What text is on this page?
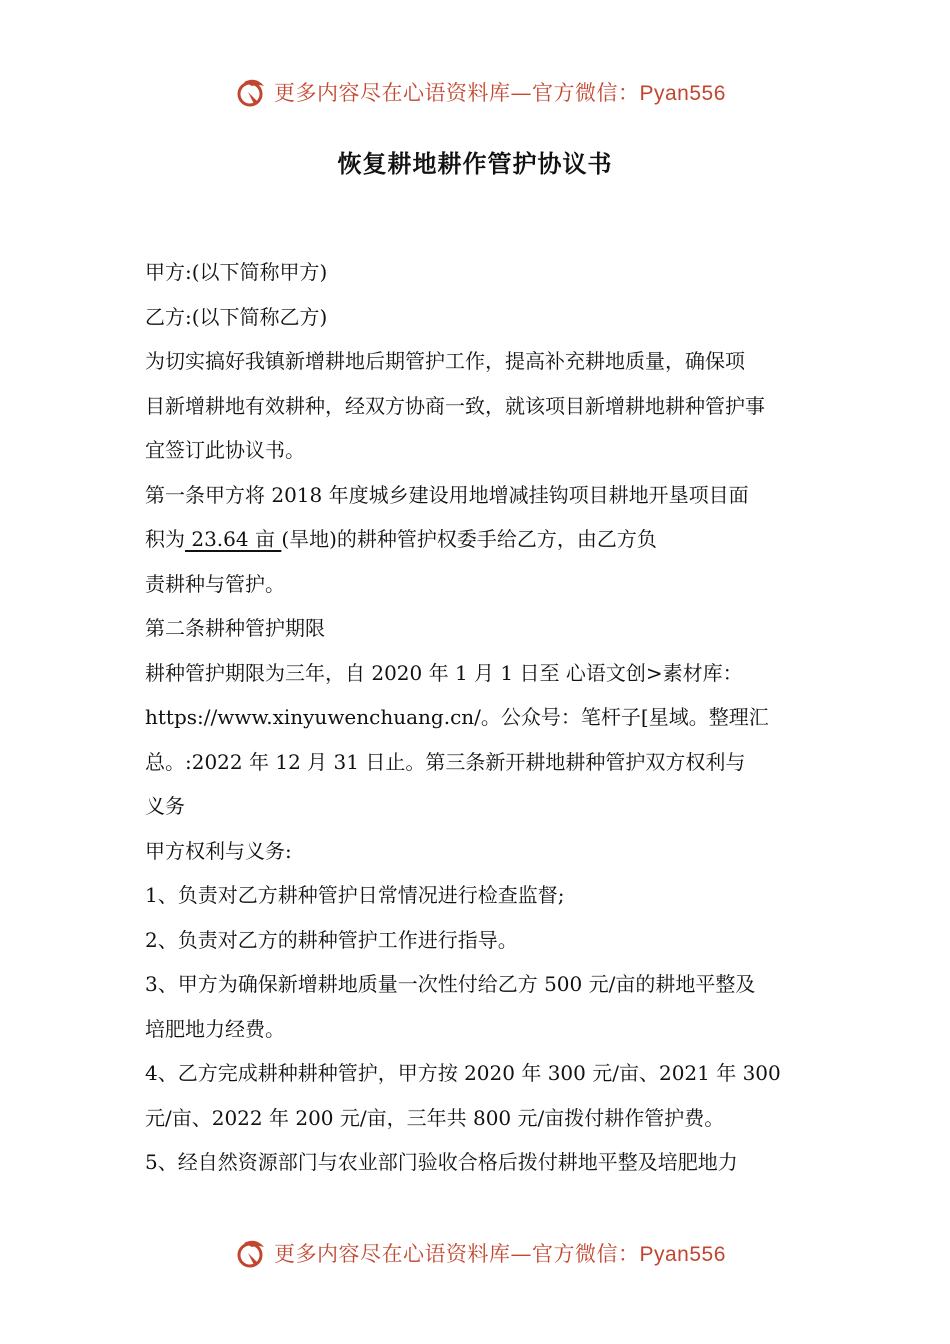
更多内容尽在心语资料库—官方微信：Pyan556
恢复耕地耕作管护协议书
甲方:(以下简称甲方)
乙方:(以下简称乙方)
为切实搞好我镇新增耕地后期管护工作，提高补充耕地质量，确保项
目新增耕地有效耕种，经双方协商一致，就该项目新增耕地耕种管护事
宜签订此协议书。
第一条甲方将 2018 年度城乡建设用地增减挂钩项目耕地开垦项目面
积为 23.64 亩 (旱地)的耕种管护权委手给乙方，由乙方负
责耕种与管护。
第二条耕种管护期限
耕种管护期限为三年，自 2020 年 1 月 1 日至 心语文创>素材库：
https://www.xinyuwenchuang.cn/。公众号：笔杆子[星域。整理汇
总。:2022 年 12 月 31 日止。第三条新开耕地耕种管护双方权利与
义务
甲方权利与义务:
1、负责对乙方耕种管护日常情况进行检查监督;
2、负责对乙方的耕种管护工作进行指导。
3、甲方为确保新增耕地质量一次性付给乙方 500 元/亩的耕地平整及
培肥地力经费。
4、乙方完成耕种耕种管护，甲方按 2020 年 300 元/亩、2021 年 300
元/亩、2022 年 200 元/亩，三年共 800 元/亩拨付耕作管护费。
5、经自然资源部门与农业部门验收合格后拨付耕地平整及培肥地力
更多内容尽在心语资料库—官方微信：Pyan556
